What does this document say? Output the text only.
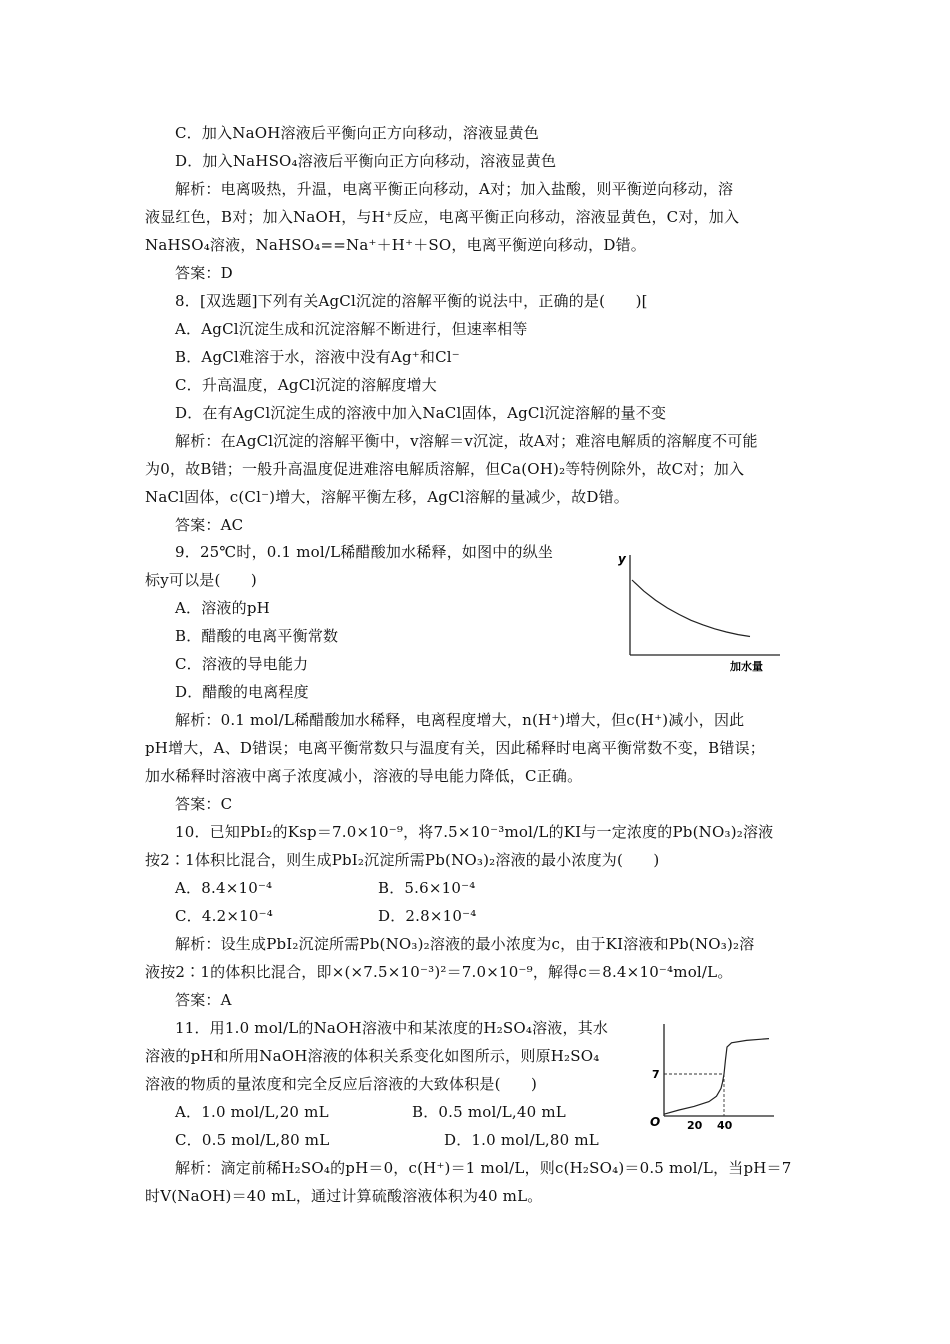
C．加入NaOH溶液后平衡向正方向移动，溶液显黄色
D．加入NaHSO₄溶液后平衡向正方向移动，溶液显黄色
解析：电离吸热，升温，电离平衡正向移动，A对；加入盐酸，则平衡逆向移动，溶
液显红色，B对；加入NaOH，与H⁺反应，电离平衡正向移动，溶液显黄色，C对，加入
NaHSO₄溶液，NaHSO₄==Na⁺＋H⁺＋SO，电离平衡逆向移动，D错。
答案：D
8．[双选题]下列有关AgCl沉淀的溶解平衡的说法中，正确的是(　　)[
A．AgCl沉淀生成和沉淀溶解不断进行，但速率相等
B．AgCl难溶于水，溶液中没有Ag⁺和Cl⁻
C．升高温度，AgCl沉淀的溶解度增大
D．在有AgCl沉淀生成的溶液中加入NaCl固体，AgCl沉淀溶解的量不变
解析：在AgCl沉淀的溶解平衡中，v溶解＝v沉淀，故A对；难溶电解质的溶解度不可能
为0，故B错；一般升高温度促进难溶电解质溶解，但Ca(OH)₂等特例除外，故C对；加入
NaCl固体，c(Cl⁻)增大，溶解平衡左移，AgCl溶解的量减少，故D错。
答案：AC
9．25℃时，0.1 mol/L稀醋酸加水稀释，如图中的纵坐
标y可以是(　　)
A．溶液的pH
B．醋酸的电离平衡常数
C．溶液的导电能力
D．醋酸的电离程度
解析：0.1 mol/L稀醋酸加水稀释，电离程度增大，n(H⁺)增大，但c(H⁺)减小，因此
pH增大，A、D错误；电离平衡常数只与温度有关，因此稀释时电离平衡常数不变，B错误；
加水稀释时溶液中离子浓度减小，溶液的导电能力降低，C正确。
答案：C
10．已知PbI₂的Ksp＝7.0×10⁻⁹，将7.5×10⁻³mol/L的KI与一定浓度的Pb(NO₃)₂溶液
按2∶1体积比混合，则生成PbI₂沉淀所需Pb(NO₃)₂溶液的最小浓度为(　　)
A．8.4×10⁻⁴	B．5.6×10⁻⁴
C．4.2×10⁻⁴	D．2.8×10⁻⁴
解析：设生成PbI₂沉淀所需Pb(NO₃)₂溶液的最小浓度为c，由于KI溶液和Pb(NO₃)₂溶
液按2∶1的体积比混合，即×(×7.5×10⁻³)²＝7.0×10⁻⁹，解得c＝8.4×10⁻⁴mol/L。
答案：A
11．用1.0 mol/L的NaOH溶液中和某浓度的H₂SO₄溶液，其水
溶液的pH和所用NaOH溶液的体积关系变化如图所示，则原H₂SO₄
溶液的物质的量浓度和完全反应后溶液的大致体积是(　　)
A．1.0 mol/L,20 mL	B．0.5 mol/L,40 mL
C．0.5 mol/L,80 mL	D．1.0 mol/L,80 mL
解析：滴定前稀H₂SO₄的pH＝0，c(H⁺)＝1 mol/L，则c(H₂SO₄)＝0.5 mol/L，当pH＝7
时V(NaOH)＝40 mL，通过计算硫酸溶液体积为40 mL。
y
加水量
O
7
20 40
